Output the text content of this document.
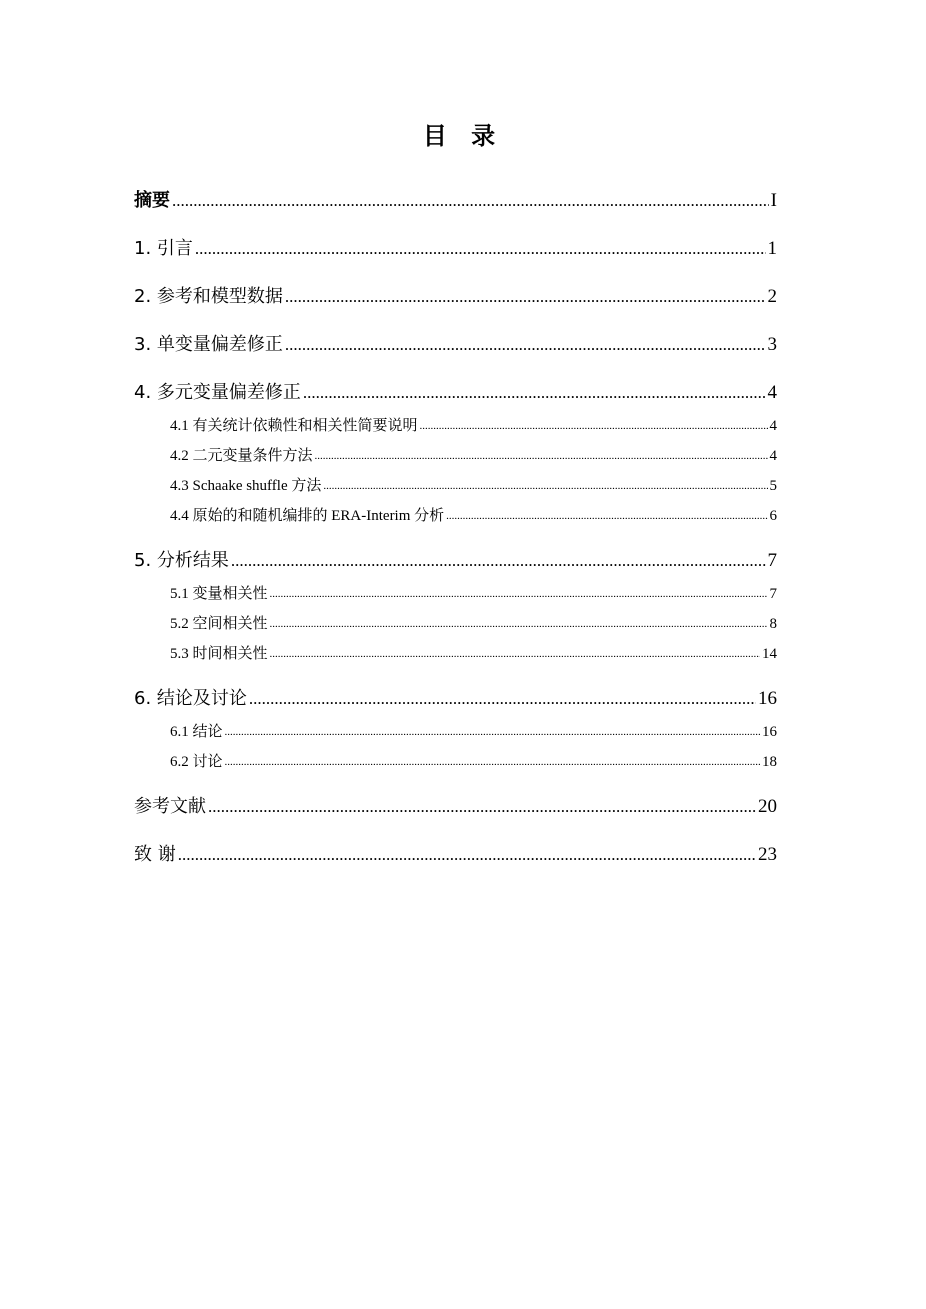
目 录
摘要 .....	I
1. 引言 .....	1
2. 参考和模型数据 .....	2
3. 单变量偏差修正 .....	3
4. 多元变量偏差修正 .....	4
4.1 有关统计依赖性和相关性简要说明 .....	4
4.2 二元变量条件方法 .....	4
4.3 Schaake shuffle 方法 .....	5
4.4 原始的和随机编排的 ERA-Interim 分析 .....	6
5. 分析结果 .....	7
5.1 变量相关性 .....	7
5.2 空间相关性 .....	8
5.3 时间相关性 .....	14
6. 结论及讨论 .....	16
6.1 结论 .....	16
6.2 讨论 .....	18
参考文献 .....	20
致 谢 .....	23
